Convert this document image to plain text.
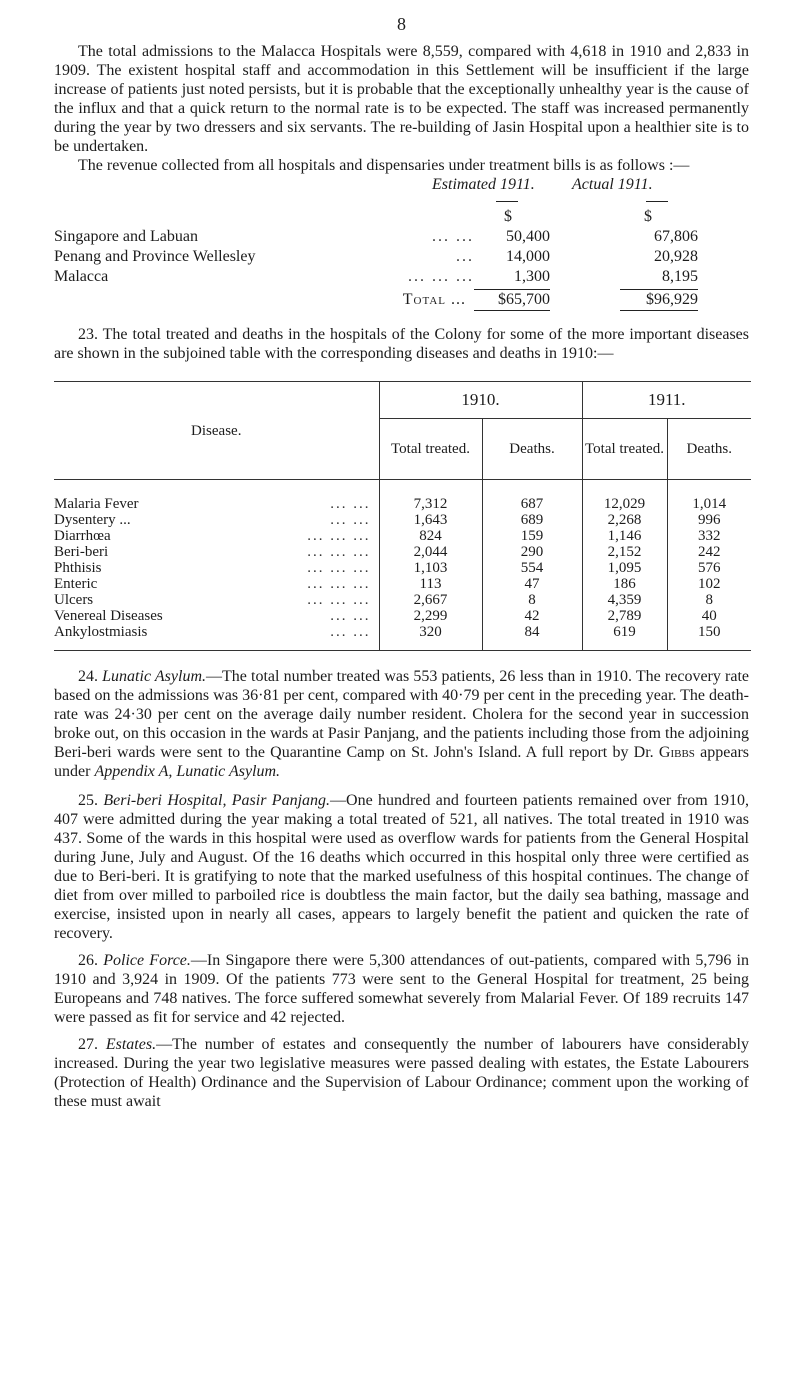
8

The total admissions to the Malacca Hospitals were 8,559, compared with 4,618 in 1910 and 2,833 in 1909. The existent hospital staff and accommodation in this Settlement will be insufficient if the large increase of patients just noted persists, but it is probable that the exceptionally unhealthy year is the cause of the influx and that a quick return to the normal rate is to be expected. The staff was increased permanently during the year by two dressers and six servants. The re-building of Jasin Hospital upon a healthier site is to be undertaken.

The revenue collected from all hospitals and dispensaries under treatment bills is as follows :—

Estimated 1911.	Actual 1911.
$	$
Singapore and Labuan	... ...	50,400	67,806
Penang and Province Wellesley	...	14,000	20,928
Malacca	... ... ...	1,300	8,195
Total ...	$65,700	$96,929

23. The total treated and deaths in the hospitals of the Colony for some of the more important diseases are shown in the subjoined table with the corresponding diseases and deaths in 1910:—

Disease.	1910.		1911.	
	Total treated.	Deaths.	Total treated.	Deaths.
Malaria Fever ... ...	7,312	687	12,029	1,014
Dysentery ... ... ...	1,643	689	2,268	996
Diarrhœa ... ... ...	824	159	1,146	332
Beri-beri ... ... ...	2,044	290	2,152	242
Phthisis ... ... ...	1,103	554	1,095	576
Enteric ... ... ...	113	47	186	102
Ulcers ... ... ...	2,667	8	4,359	8
Venereal Diseases ... ...	2,299	42	2,789	40
Ankylostmiasis ... ...	320	84	619	150

24. Lunatic Asylum.—The total number treated was 553 patients, 26 less than in 1910. The recovery rate based on the admissions was 36·81 per cent, compared with 40·79 per cent in the preceding year. The death-rate was 24·30 per cent on the average daily number resident. Cholera for the second year in succession broke out, on this occasion in the wards at Pasir Panjang, and the patients including those from the adjoining Beri-beri wards were sent to the Quarantine Camp on St. John's Island. A full report by Dr. Gibbs appears under Appendix A, Lunatic Asylum.

25. Beri-beri Hospital, Pasir Panjang.—One hundred and fourteen patients remained over from 1910, 407 were admitted during the year making a total treated of 521, all natives. The total treated in 1910 was 437. Some of the wards in this hospital were used as overflow wards for patients from the General Hospital during June, July and August. Of the 16 deaths which occurred in this hospital only three were certified as due to Beri-beri. It is gratifying to note that the marked usefulness of this hospital continues. The change of diet from over milled to parboiled rice is doubtless the main factor, but the daily sea bathing, massage and exercise, insisted upon in nearly all cases, appears to largely benefit the patient and quicken the rate of recovery.

26. Police Force.—In Singapore there were 5,300 attendances of out-patients, compared with 5,796 in 1910 and 3,924 in 1909. Of the patients 773 were sent to the General Hospital for treatment, 25 being Europeans and 748 natives. The force suffered somewhat severely from Malarial Fever. Of 189 recruits 147 were passed as fit for service and 42 rejected.

27. Estates.—The number of estates and consequently the number of labourers have considerably increased. During the year two legislative measures were passed dealing with estates, the Estate Labourers (Protection of Health) Ordinance and the Supervision of Labour Ordinance; comment upon the working of these must await
